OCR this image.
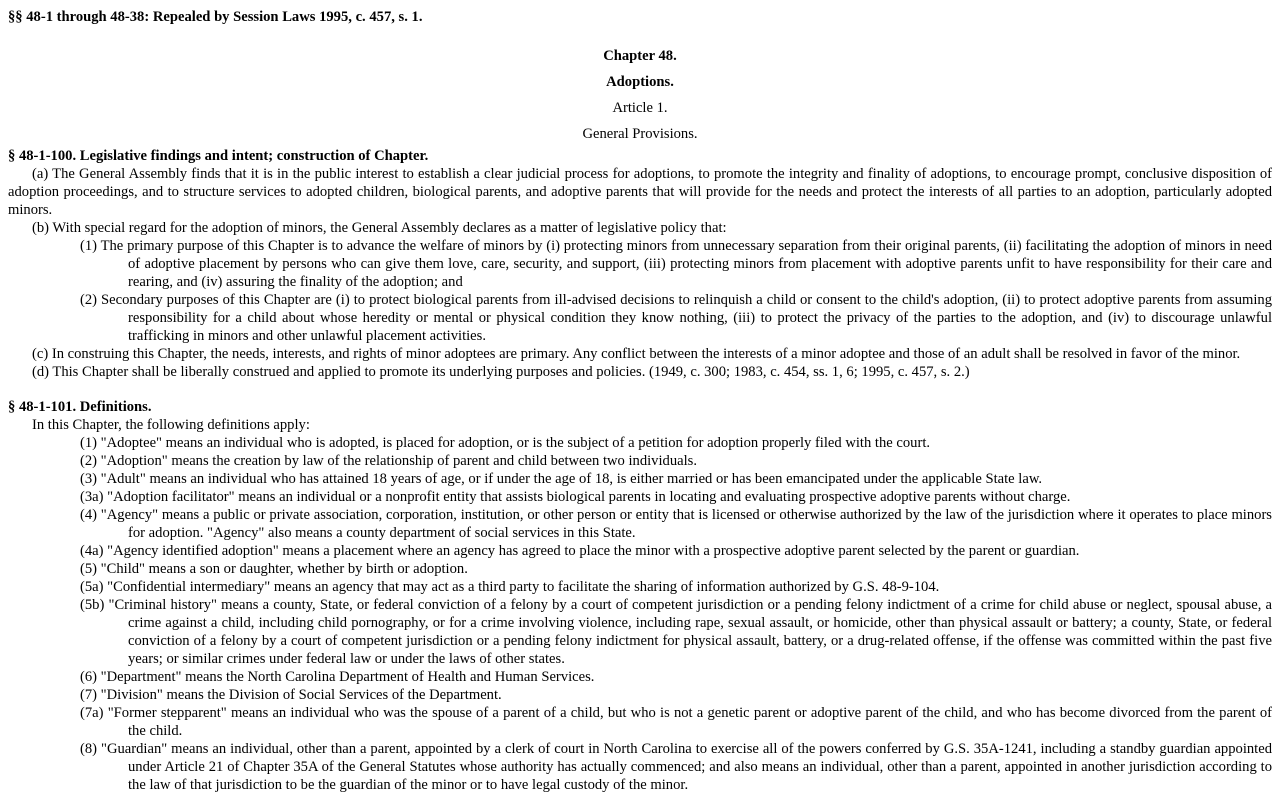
§§ 48-1 through 48-38: Repealed by Session Laws 1995, c. 457, s. 1.
Chapter 48.
Adoptions.
Article 1.
General Provisions.
§ 48-1-100. Legislative findings and intent; construction of Chapter.

(a) The General Assembly finds that it is in the public interest to establish a clear judicial process for adoptions, to promote the integrity and finality of adoptions, to encourage prompt, conclusive disposition of adoption proceedings, and to structure services to adopted children, biological parents, and adoptive parents that will provide for the needs and protect the interests of all parties to an adoption, particularly adopted minors.

(b) With special regard for the adoption of minors, the General Assembly declares as a matter of legislative policy that:

(1) The primary purpose of this Chapter is to advance the welfare of minors by (i) protecting minors from unnecessary separation from their original parents, (ii) facilitating the adoption of minors in need of adoptive placement by persons who can give them love, care, security, and support, (iii) protecting minors from placement with adoptive parents unfit to have responsibility for their care and rearing, and (iv) assuring the finality of the adoption; and

(2) Secondary purposes of this Chapter are (i) to protect biological parents from ill-advised decisions to relinquish a child or consent to the child's adoption, (ii) to protect adoptive parents from assuming responsibility for a child about whose heredity or mental or physical condition they know nothing, (iii) to protect the privacy of the parties to the adoption, and (iv) to discourage unlawful trafficking in minors and other unlawful placement activities.

(c) In construing this Chapter, the needs, interests, and rights of minor adoptees are primary. Any conflict between the interests of a minor adoptee and those of an adult shall be resolved in favor of the minor.

(d) This Chapter shall be liberally construed and applied to promote its underlying purposes and policies. (1949, c. 300; 1983, c. 454, ss. 1, 6; 1995, c. 457, s. 2.)

§ 48-1-101. Definitions.

In this Chapter, the following definitions apply:

(1) "Adoptee" means an individual who is adopted, is placed for adoption, or is the subject of a petition for adoption properly filed with the court.

(2) "Adoption" means the creation by law of the relationship of parent and child between two individuals.

(3) "Adult" means an individual who has attained 18 years of age, or if under the age of 18, is either married or has been emancipated under the applicable State law.

(3a) "Adoption facilitator" means an individual or a nonprofit entity that assists biological parents in locating and evaluating prospective adoptive parents without charge.

(4) "Agency" means a public or private association, corporation, institution, or other person or entity that is licensed or otherwise authorized by the law of the jurisdiction where it operates to place minors for adoption. "Agency" also means a county department of social services in this State.

(4a) "Agency identified adoption" means a placement where an agency has agreed to place the minor with a prospective adoptive parent selected by the parent or guardian.

(5) "Child" means a son or daughter, whether by birth or adoption.

(5a) "Confidential intermediary" means an agency that may act as a third party to facilitate the sharing of information authorized by G.S. 48-9-104.

(5b) "Criminal history" means a county, State, or federal conviction of a felony by a court of competent jurisdiction or a pending felony indictment of a crime for child abuse or neglect, spousal abuse, a crime against a child, including child pornography, or for a crime involving violence, including rape, sexual assault, or homicide, other than physical assault or battery; a county, State, or federal conviction of a felony by a court of competent jurisdiction or a pending felony indictment for physical assault, battery, or a drug-related offense, if the offense was committed within the past five years; or similar crimes under federal law or under the laws of other states.

(6) "Department" means the North Carolina Department of Health and Human Services.

(7) "Division" means the Division of Social Services of the Department.

(7a) "Former stepparent" means an individual who was the spouse of a parent of a child, but who is not a genetic parent or adoptive parent of the child, and who has become divorced from the parent of the child.

(8) "Guardian" means an individual, other than a parent, appointed by a clerk of court in North Carolina to exercise all of the powers conferred by G.S. 35A-1241, including a standby guardian appointed under Article 21 of Chapter 35A of the General Statutes whose authority has actually commenced; and also means an individual, other than a parent, appointed in another jurisdiction according to the law of that jurisdiction to be the guardian of the minor or to have legal custody of the minor.
